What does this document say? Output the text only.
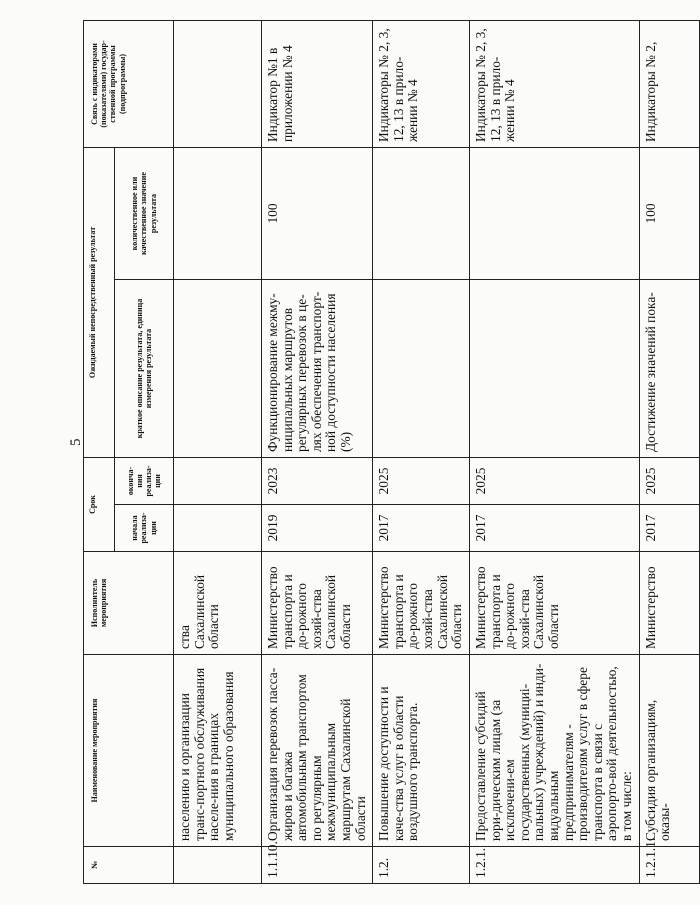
5
№	Наименование мероприятия	Исполнитель мероприятия	Срок		Ожидаемый непосредственный результат		Связь с индикаторами (показателями) государ-ственной программы (подпрограммы)
			начала реализа-ции	оконча-ния реализа-ции	краткое описание результата, единица измерения результата	количественное или качественное значение результата	
	населению и организации транс-портного обслуживания населе-ния в границах муниципального образования	ства Сахалинской области					
1.1.10.	Организация перевозок пасса-жиров и багажа автомобильным транспортом по регулярным межмуниципальным маршрутам Сахалинской области	Министерство транспорта и до-рожного хозяй-ства Сахалинской области	2019	2023	Функционирование межму-ниципальных маршрутов регулярных перевозок в це-лях обеспечения транспорт-ной доступности населения (%)	100	Индикатор №1 в приложении № 4
1.2.	Повышение доступности и каче-ства услуг в области воздушного транспорта.	Министерство транспорта и до-рожного хозяй-ства Сахалинской области	2017	2025			Индикаторы № 2, 3, 12, 13 в прило-жении № 4
1.2.1.	Предоставление субсидий юри-дическим лицам (за исключени-ем государственных (мунициi-пальных) учреждений) и инди-видуальным предпринимателям - производителям услуг в сфере транспорта в связи с аэропорто-вой деятельностью, в том числе:	Министерство транспорта и до-рожного хозяй-ства Сахалинской области	2017	2025			Индикаторы № 2, 3, 12, 13 в прило-жении № 4
1.2.1.1.	Субсидия организациям, оказы-	Министерство	2017	2025	Достижение значений пока-	100	Индикаторы № 2,
